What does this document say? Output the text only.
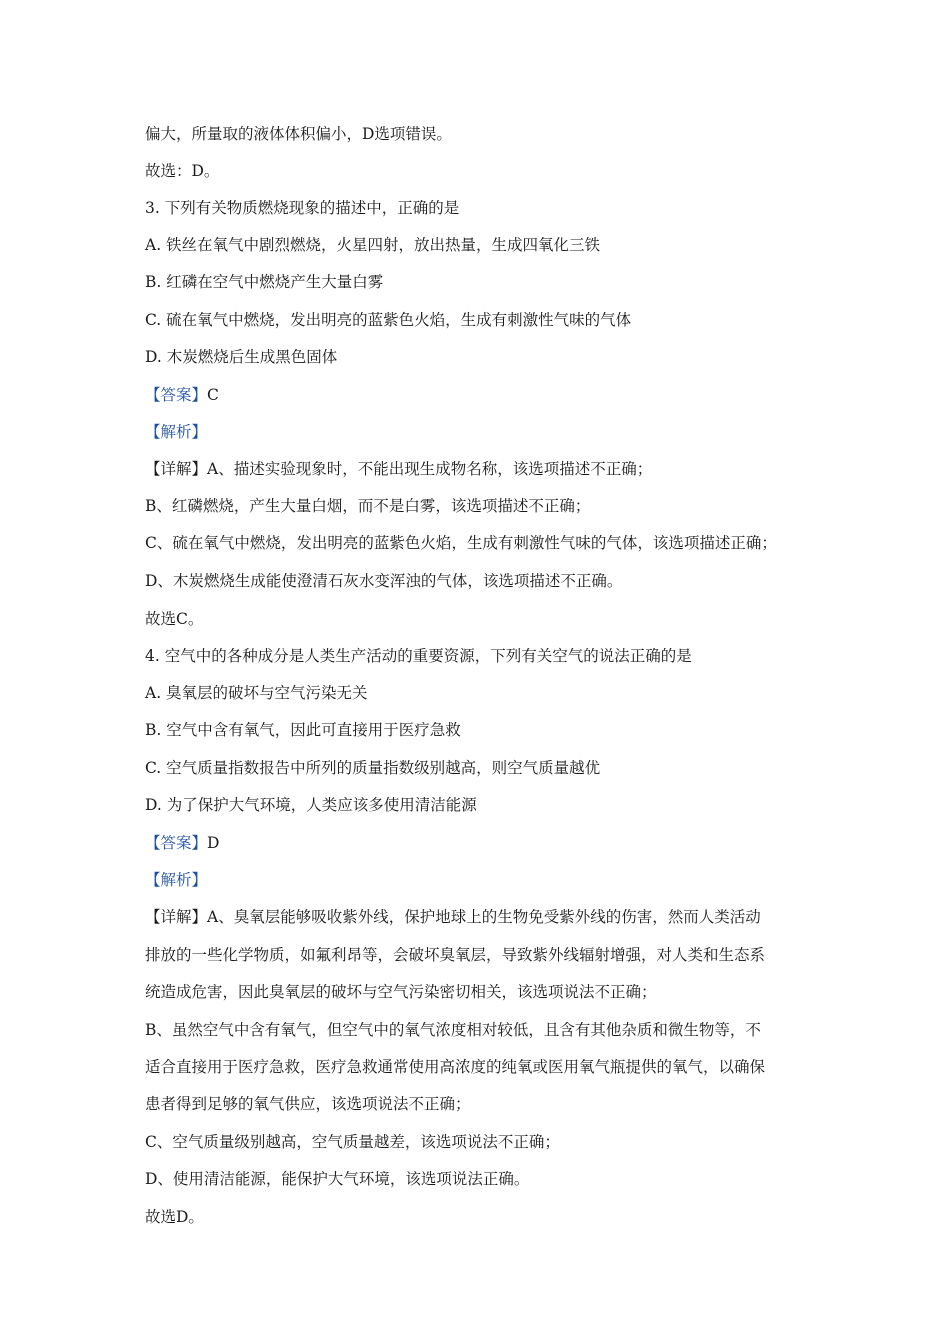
偏大，所量取的液体体积偏小，D选项错误。
故选：D。
3. 下列有关物质燃烧现象的描述中，正确的是
A. 铁丝在氧气中剧烈燃烧，火星四射，放出热量，生成四氧化三铁
B. 红磷在空气中燃烧产生大量白雾
C. 硫在氧气中燃烧，发出明亮的蓝紫色火焰，生成有刺激性气味的气体
D. 木炭燃烧后生成黑色固体
【答案】C
【解析】
【详解】A、描述实验现象时，不能出现生成物名称，该选项描述不正确；
B、红磷燃烧，产生大量白烟，而不是白雾，该选项描述不正确；
C、硫在氧气中燃烧，发出明亮的蓝紫色火焰，生成有刺激性气味的气体，该选项描述正确；
D、木炭燃烧生成能使澄清石灰水变浑浊的气体，该选项描述不正确。
故选C。
4. 空气中的各种成分是人类生产活动的重要资源，下列有关空气的说法正确的是
A. 臭氧层的破坏与空气污染无关
B. 空气中含有氧气，因此可直接用于医疗急救
C. 空气质量指数报告中所列的质量指数级别越高，则空气质量越优
D. 为了保护大气环境，人类应该多使用清洁能源
【答案】D
【解析】
【详解】A、臭氧层能够吸收紫外线，保护地球上的生物免受紫外线的伤害，然而人类活动
排放的一些化学物质，如氟利昂等，会破坏臭氧层，导致紫外线辐射增强，对人类和生态系
统造成危害，因此臭氧层的破坏与空气污染密切相关，该选项说法不正确；
B、虽然空气中含有氧气，但空气中的氧气浓度相对较低，且含有其他杂质和微生物等，不
适合直接用于医疗急救，医疗急救通常使用高浓度的纯氧或医用氧气瓶提供的氧气，以确保
患者得到足够的氧气供应，该选项说法不正确；
C、空气质量级别越高，空气质量越差，该选项说法不正确；
D、使用清洁能源，能保护大气环境，该选项说法正确。
故选D。
